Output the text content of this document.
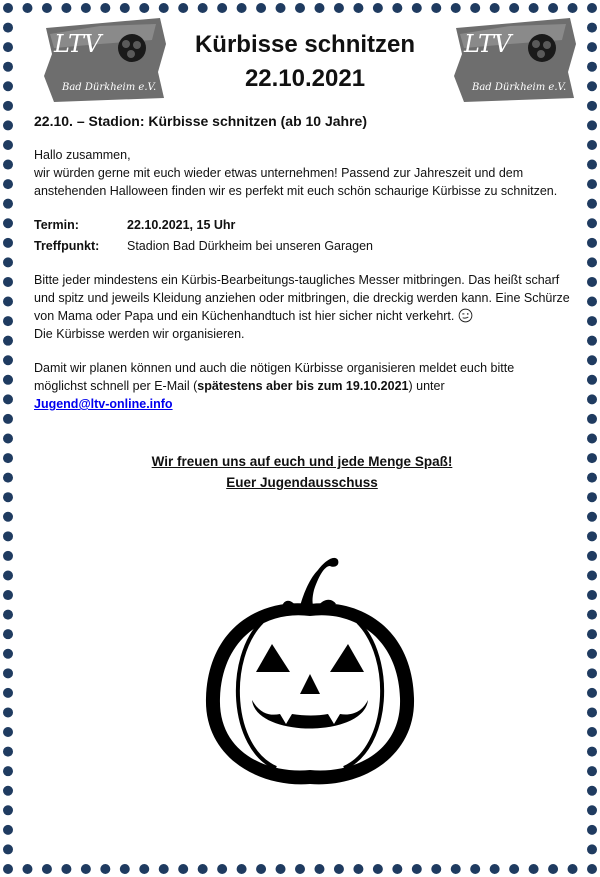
LTV
Bad Dürkheim e.V.
LTV
Bad Dürkheim e.V.
Kürbisse schnitzen
22.10.2021
22.10. – Stadion: Kürbisse schnitzen (ab 10 Jahre)

Hallo zusammen,
wir würden gerne mit euch wieder etwas unternehmen! Passend zur Jahreszeit und dem anstehenden Halloween finden wir es perfekt mit euch schön schaurige Kürbisse zu schnitzen.

Termin:	22.10.2021, 15 Uhr
Treffpunkt:	Stadion Bad Dürkheim bei unseren Garagen

Bitte jeder mindestens ein Kürbis-Bearbeitungs-taugliches Messer mitbringen. Das heißt scharf und spitz und jeweils Kleidung anziehen oder mitbringen, die dreckig werden kann. Eine Schürze von Mama oder Papa und ein Küchenhandtuch ist hier sicher nicht verkehrt.
Die Kürbisse werden wir organisieren.

Damit wir planen können und auch die nötigen Kürbisse organisieren meldet euch bitte möglichst schnell per E-Mail (spätestens aber bis zum 19.10.2021) unter
Jugend@ltv-online.info

Wir freuen uns auf euch und jede Menge Spaß!
Euer Jugendausschuss
